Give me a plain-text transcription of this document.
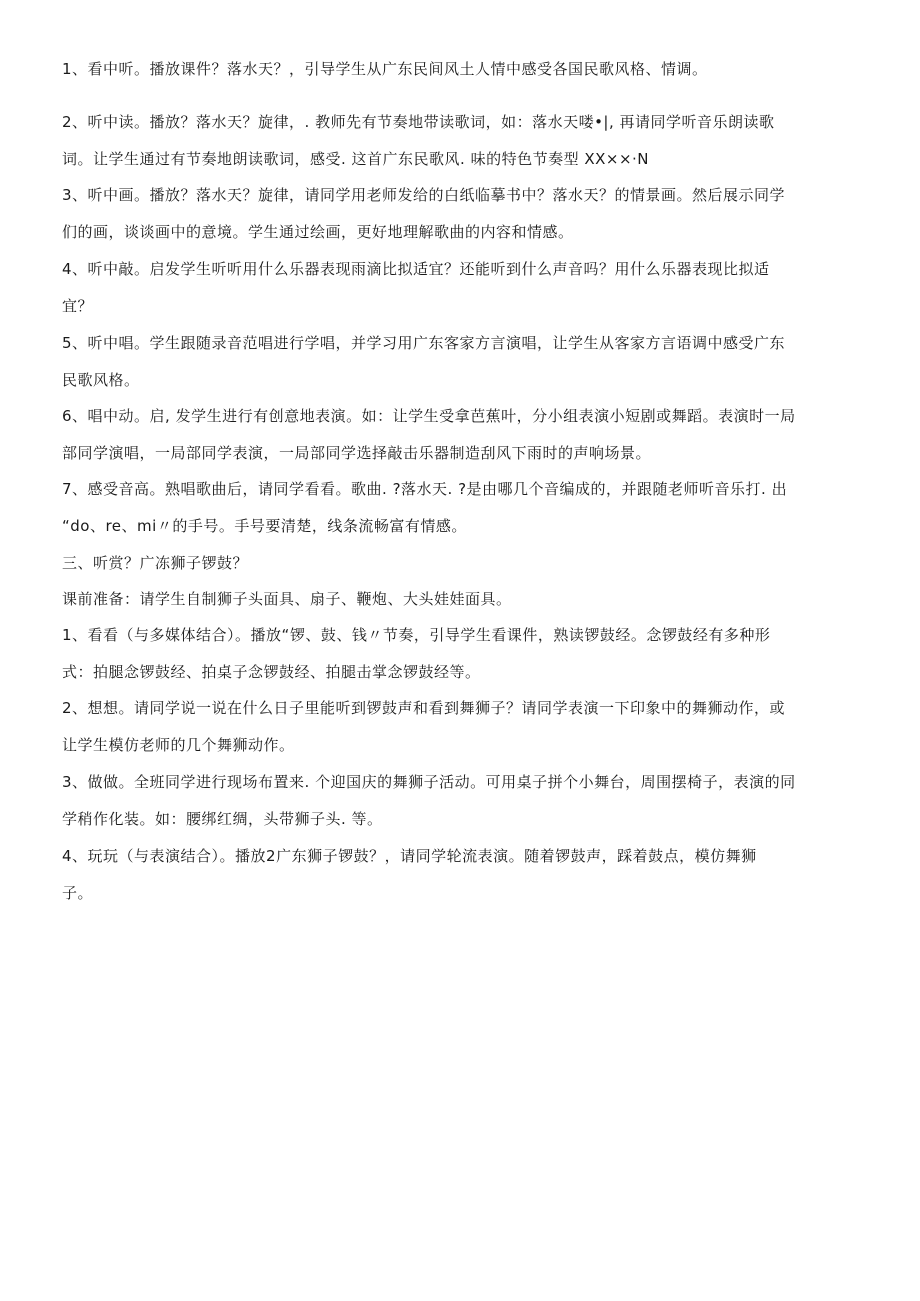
1、看中听。播放课件？落水天？，引导学生从广东民间风土人情中感受各国民歌风格、情调。
2、听中读。播放？落水天？旋律，. 教师先有节奏地带读歌词，如：落水天喽•|, 再请同学听音乐朗读歌
词。让学生通过有节奏地朗读歌词，感受. 这首广东民歌风. 味的特色节奏型 XX××·N
3、听中画。播放？落水天？旋律，请同学用老师发给的白纸临摹书中？落水天？的情景画。然后展示同学
们的画，谈谈画中的意境。学生通过绘画，更好地理解歌曲的内容和情感。
4、听中敲。启发学生听听用什么乐器表现雨滴比拟适宜？还能听到什么声音吗？用什么乐器表现比拟适
宜？
5、听中唱。学生跟随录音范唱进行学唱，并学习用广东客家方言演唱，让学生从客家方言语调中感受广东
民歌风格。
6、唱中动。启, 发学生进行有创意地表演。如：让学生受拿芭蕉叶，分小组表演小短剧或舞蹈。表演时一局
部同学演唱，一局部同学表演，一局部同学选择敲击乐器制造刮风下雨时的声响场景。
7、感受音高。熟唱歌曲后，请同学看看。歌曲. ?落水天. ?是由哪几个音编成的，并跟随老师听音乐打. 出
“do、re、mi〃的手号。手号要清楚，线条流畅富有情感。
三、听赏？广冻狮子锣鼓？
课前准备：请学生自制狮子头面具、扇子、鞭炮、大头娃娃面具。
1、看看（与多媒体结合）。播放“锣、鼓、钱〃节奏，引导学生看课件，熟读锣鼓经。念锣鼓经有多种形
式：拍腿念锣鼓经、拍桌子念锣鼓经、拍腿击掌念锣鼓经等。
2、想想。请同学说一说在什么日子里能听到锣鼓声和看到舞狮子？请同学表演一下印象中的舞狮动作，或
让学生模仿老师的几个舞狮动作。
3、做做。全班同学进行现场布置来. 个迎国庆的舞狮子活动。可用桌子拼个小舞台，周围摆椅子，表演的同
学稍作化装。如：腰绑红绸，头带狮子头. 等。
4、玩玩（与表演结合）。播放2广东狮子锣鼓？，请同学轮流表演。随着锣鼓声，踩着鼓点，模仿舞狮
子。
